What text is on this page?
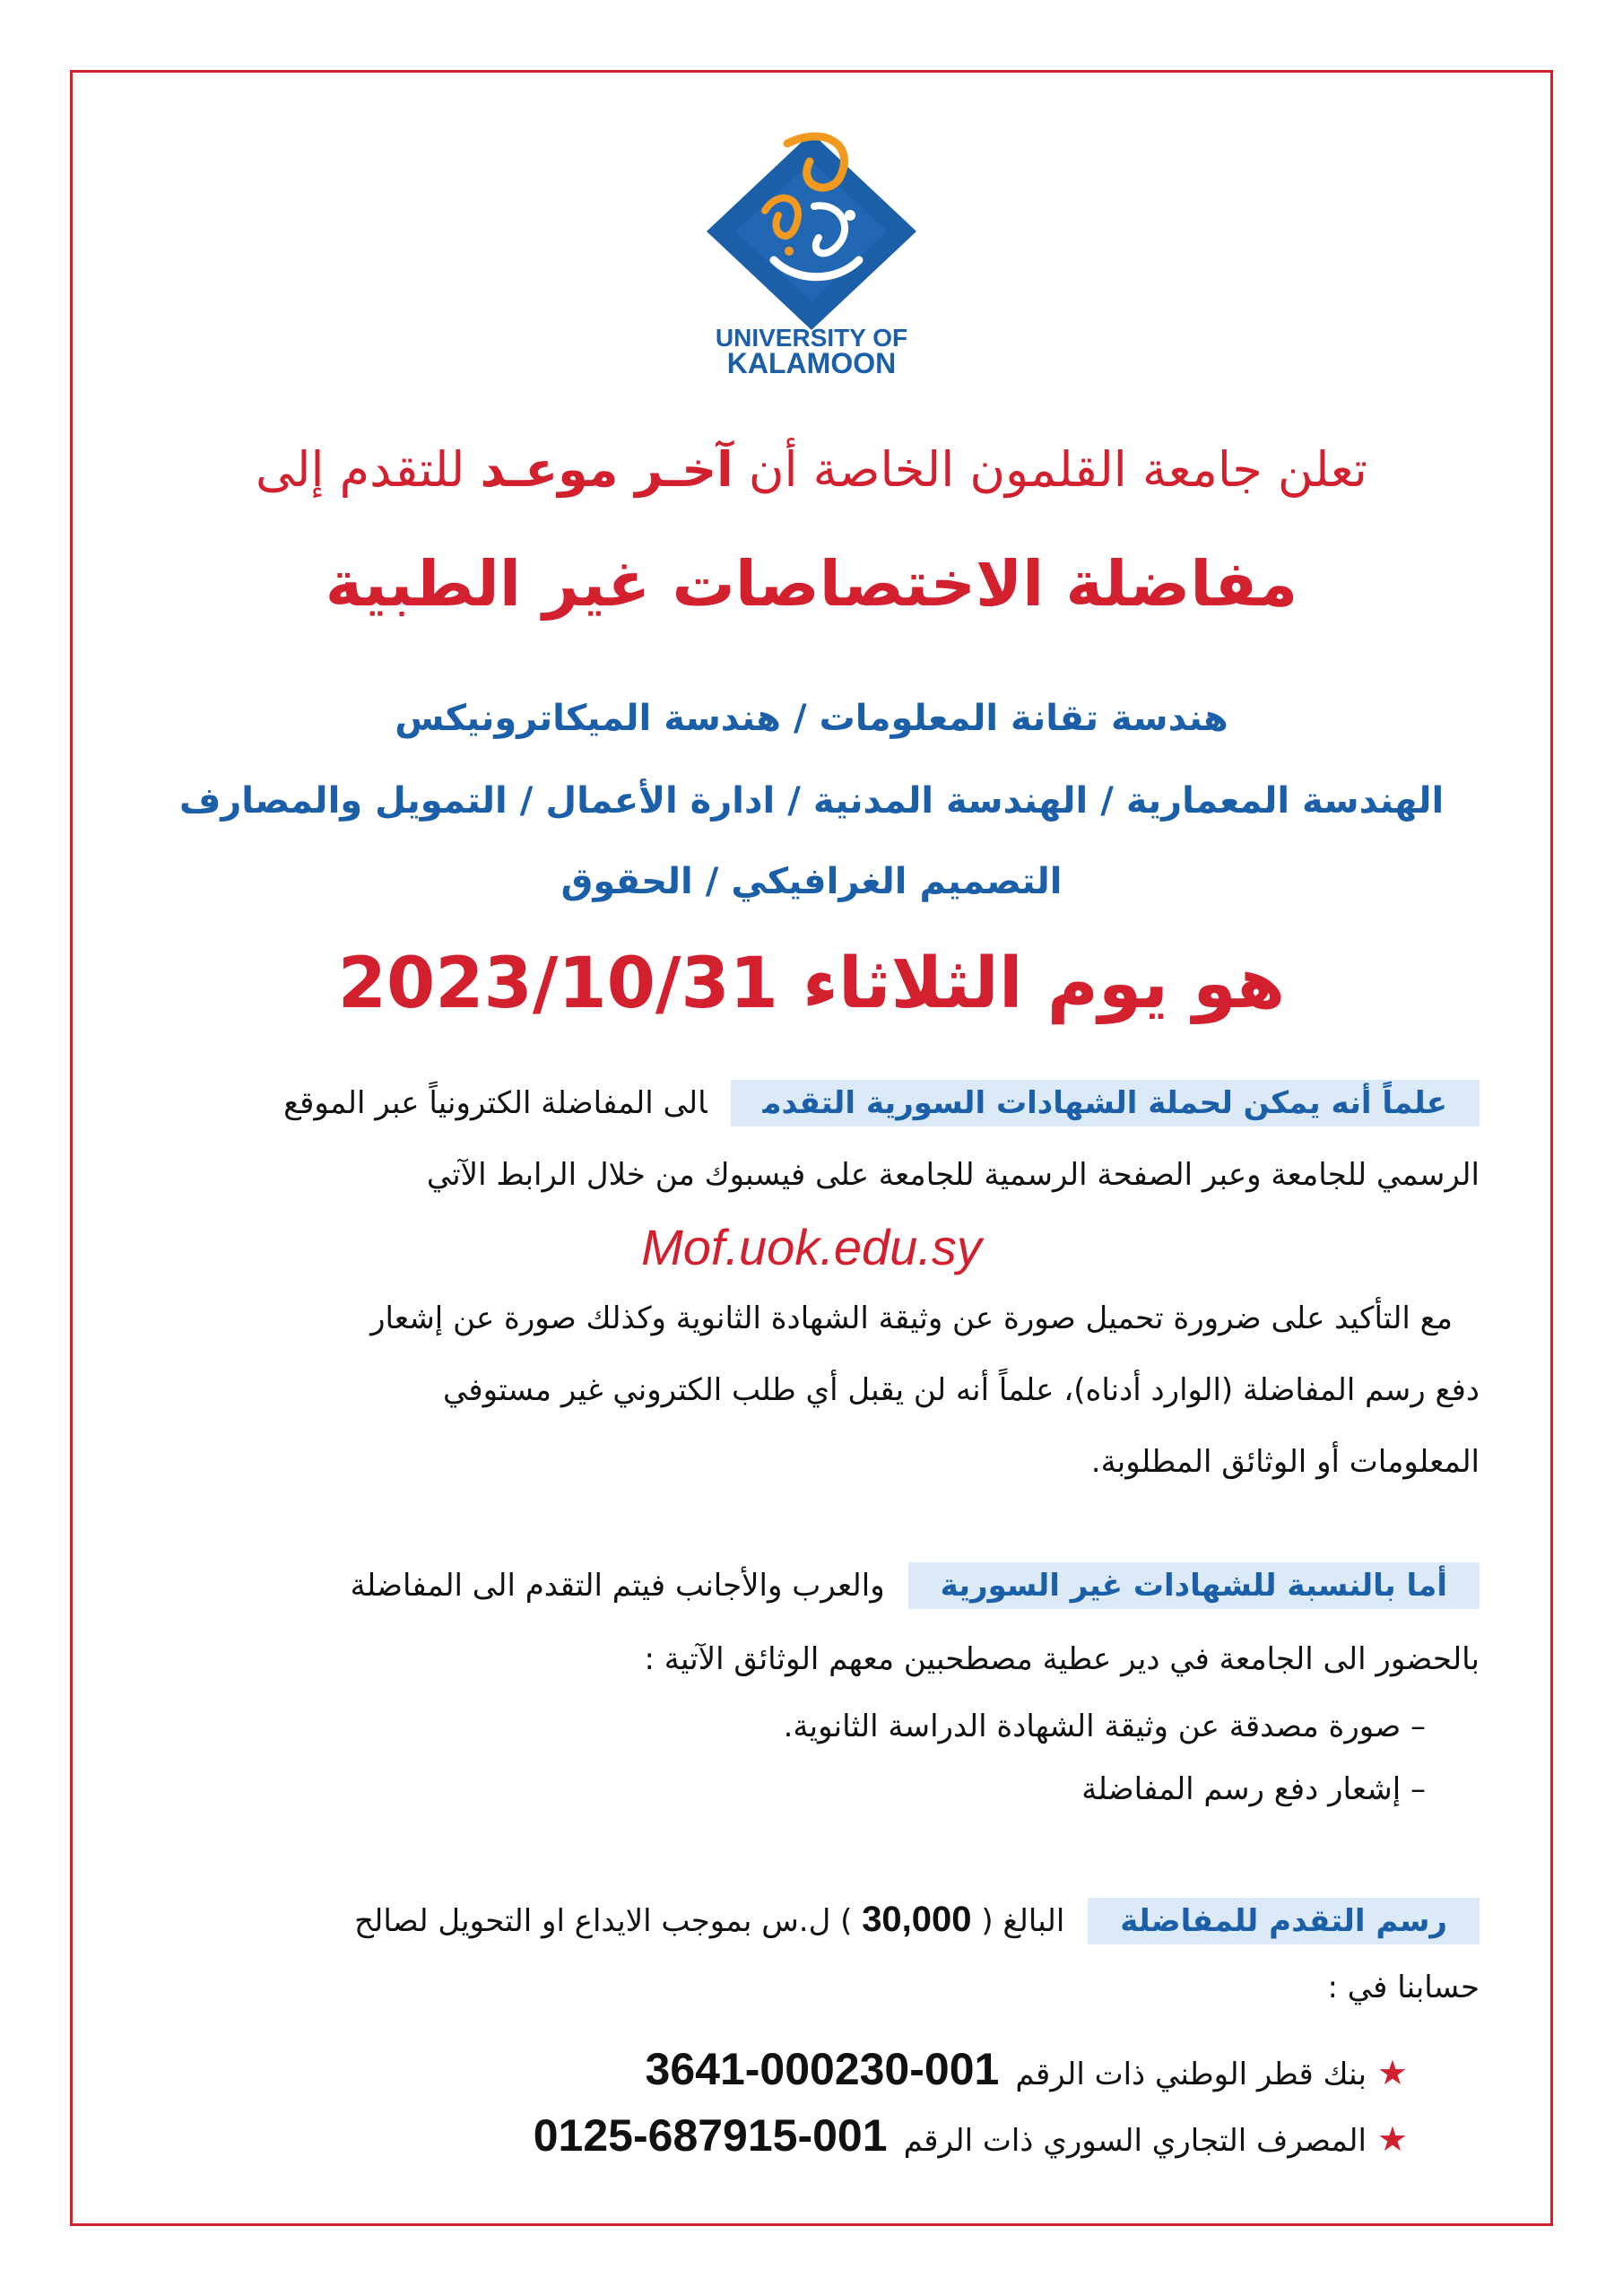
UNIVERSITY OF
KALAMOON
تعلن جامعة القلمون الخاصة أن آخـر موعـد للتقدم إلى
مفاضلة الاختصاصات غير الطبية
هندسة تقانة المعلومات/هندسة الميكاترونيكس
الهندسة المعمارية/الهندسة المدنية/ادارة الأعمال/التمويل والمصارف
التصميم الغرافيكي/الحقوق
هو يوم الثلاثاء 2023/10/31
علماً أنه يمكن لحملة الشهادات السورية التقدمالى المفاضلة الكترونياً عبر الموقع
الرسمي للجامعة وعبر الصفحة الرسمية للجامعة على فيسبوك من خلال الرابط الآتي
Mof.uok.edu.sy
مع التأكيد على ضرورة تحميل صورة عن وثيقة الشهادة الثانوية وكذلك صورة عن إشعار
دفع رسم المفاضلة (الوارد أدناه)، علماً أنه لن يقبل أي طلب الكتروني غير مستوفي
المعلومات أو الوثائق المطلوبة.
أما بالنسبة للشهادات غير السوريةوالعرب والأجانب فيتم التقدم الى المفاضلة
بالحضور الى الجامعة في دير عطية مصطحبين معهم الوثائق الآتية :
– صورة مصدقة عن وثيقة الشهادة الدراسة الثانوية.
– إشعار دفع رسم المفاضلة
رسم التقدم للمفاضلةالبالغ ( 30,000 ) ل.س بموجب الايداع او التحويل لصالح
حسابنا في :
★بنك قطر الوطني ذات الرقم3641-000230-001
★المصرف التجاري السوري ذات الرقم0125-687915-001
